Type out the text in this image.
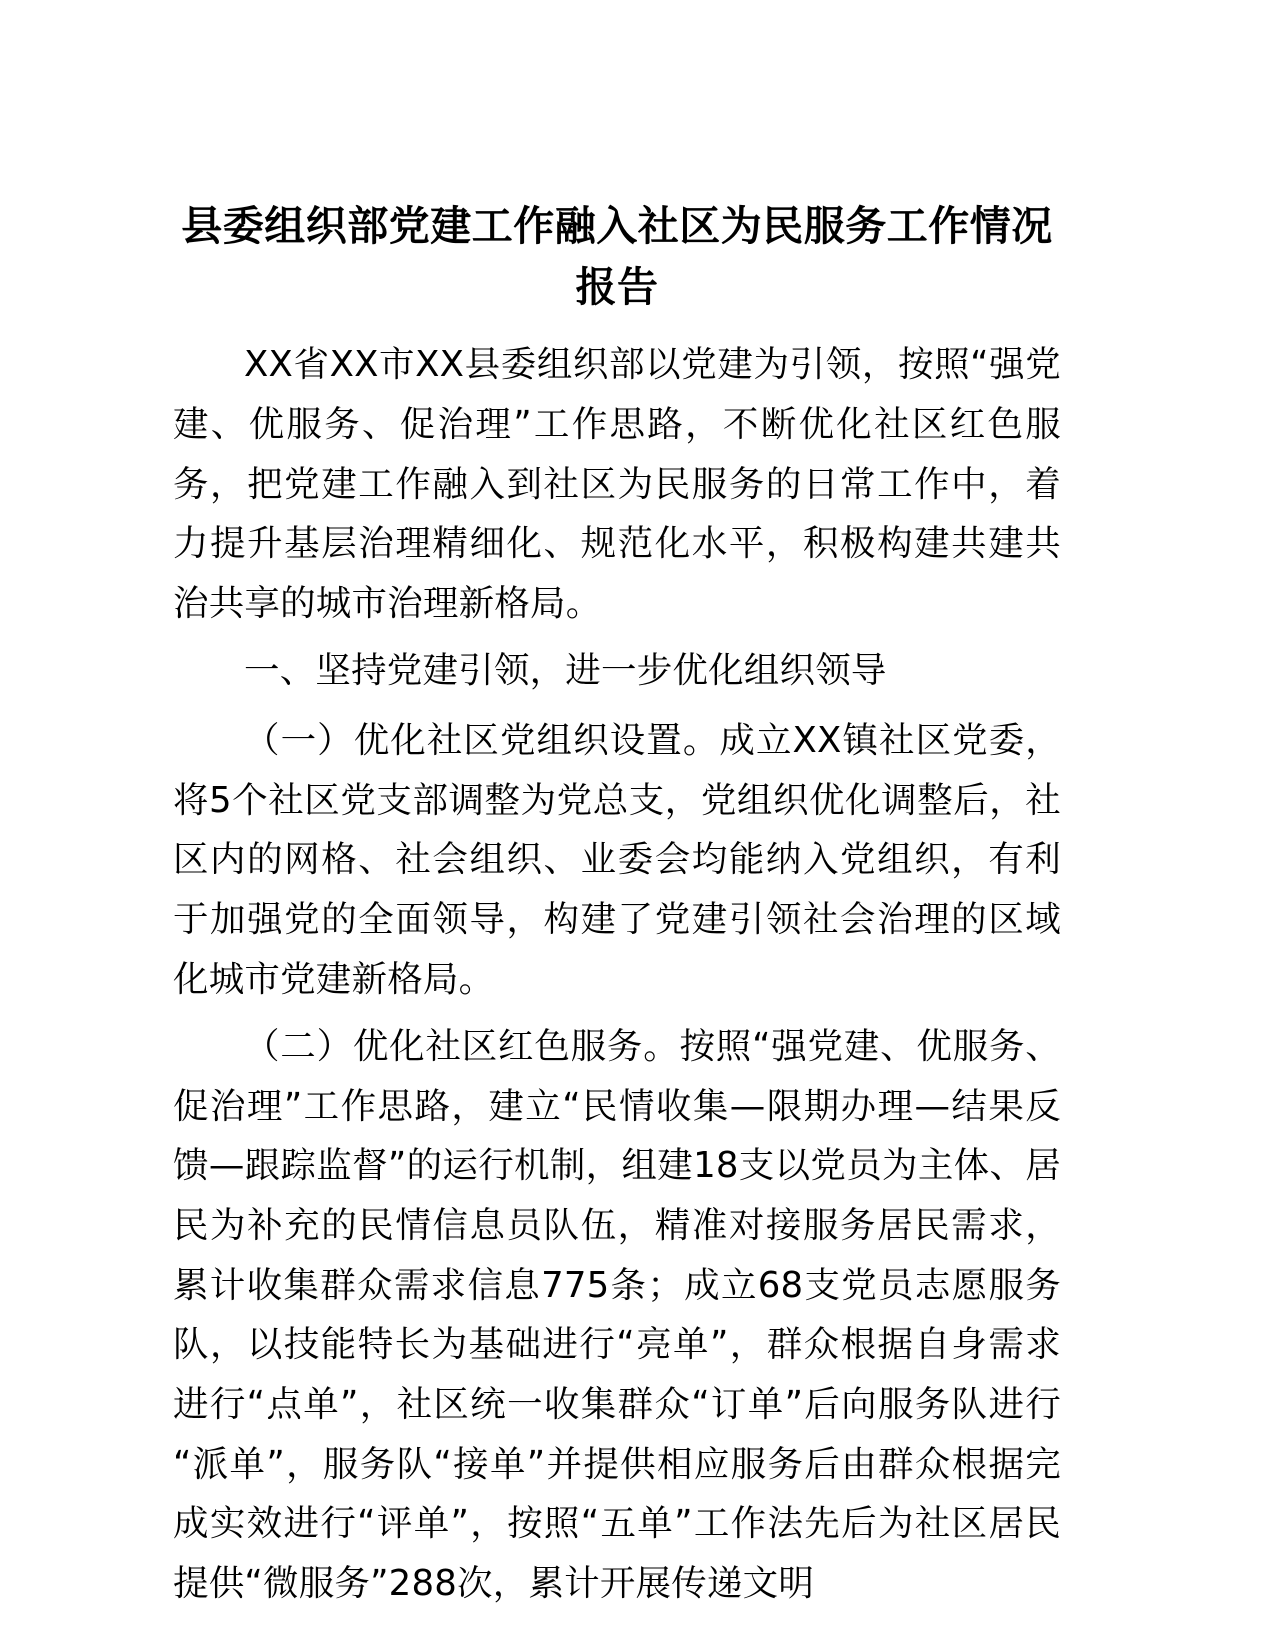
县委组织部党建工作融入社区为民服务工作情况报告

XX省XX市XX县委组织部以党建为引领，按照“强党建、优服务、促治理”工作思路，不断优化社区红色服务，把党建工作融入到社区为民服务的日常工作中，着力提升基层治理精细化、规范化水平，积极构建共建共治共享的城市治理新格局。

一、坚持党建引领，进一步优化组织领导

（一）优化社区党组织设置。成立XX镇社区党委，将5个社区党支部调整为党总支，党组织优化调整后，社区内的网格、社会组织、业委会均能纳入党组织，有利于加强党的全面领导，构建了党建引领社会治理的区域化城市党建新格局。

（二）优化社区红色服务。按照“强党建、优服务、促治理”工作思路，建立“民情收集—限期办理—结果反馈—跟踪监督”的运行机制，组建18支以党员为主体、居民为补充的民情信息员队伍，精准对接服务居民需求，累计收集群众需求信息775条；成立68支党员志愿服务队，以技能特长为基础进行“亮单”，群众根据自身需求进行“点单”，社区统一收集群众“订单”后向服务队进行“派单”，服务队“接单”并提供相应服务后由群众根据完成实效进行“评单”，按照“五单”工作法先后为社区居民提供“微服务”288次，累计开展传递文明
